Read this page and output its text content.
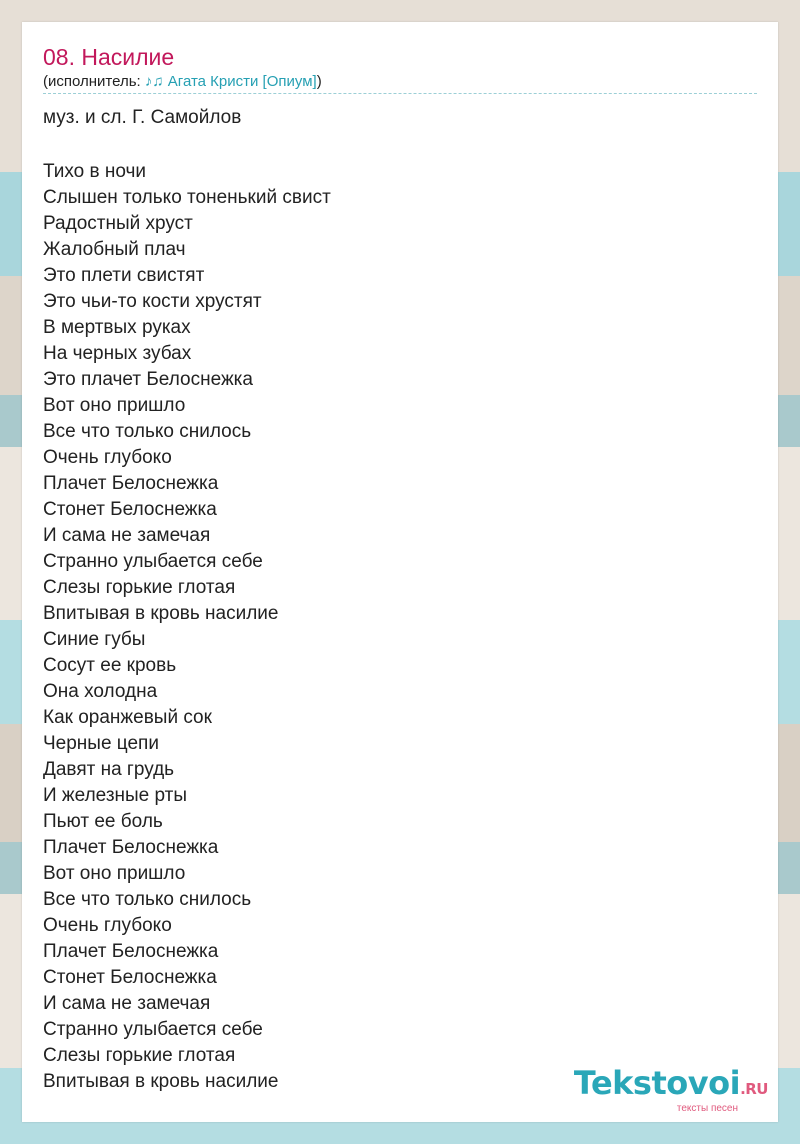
08. Насилие
(исполнитель: ♪♫ Агата Кристи [Опиум])
муз. и сл. Г. Самойлов
Тихо в ночи
Слышен только тоненький свист
Радостный хруст
Жалобный плач
Это плети свистят
Это чьи-то кости хрустят
В мертвых руках
На черных зубах
Это плачет Белоснежка
Вот оно пришло
Все что только снилось
Очень глубоко
Плачет Белоснежка
Стонет Белоснежка
И сама не замечая
Странно улыбается себе
Слезы горькие глотая
Впитывая в кровь насилие
Синие губы
Сосут ее кровь
Она холодна
Как оранжевый сок
Черные цепи
Давят на грудь
И железные рты
Пьют ее боль
Плачет Белоснежка
Вот оно пришло
Все что только снилось
Очень глубоко
Плачет Белоснежка
Стонет Белоснежка
И сама не замечая
Странно улыбается себе
Слезы горькие глотая
Впитывая в кровь насилие	Tekstovoi.RU
тексты песен
